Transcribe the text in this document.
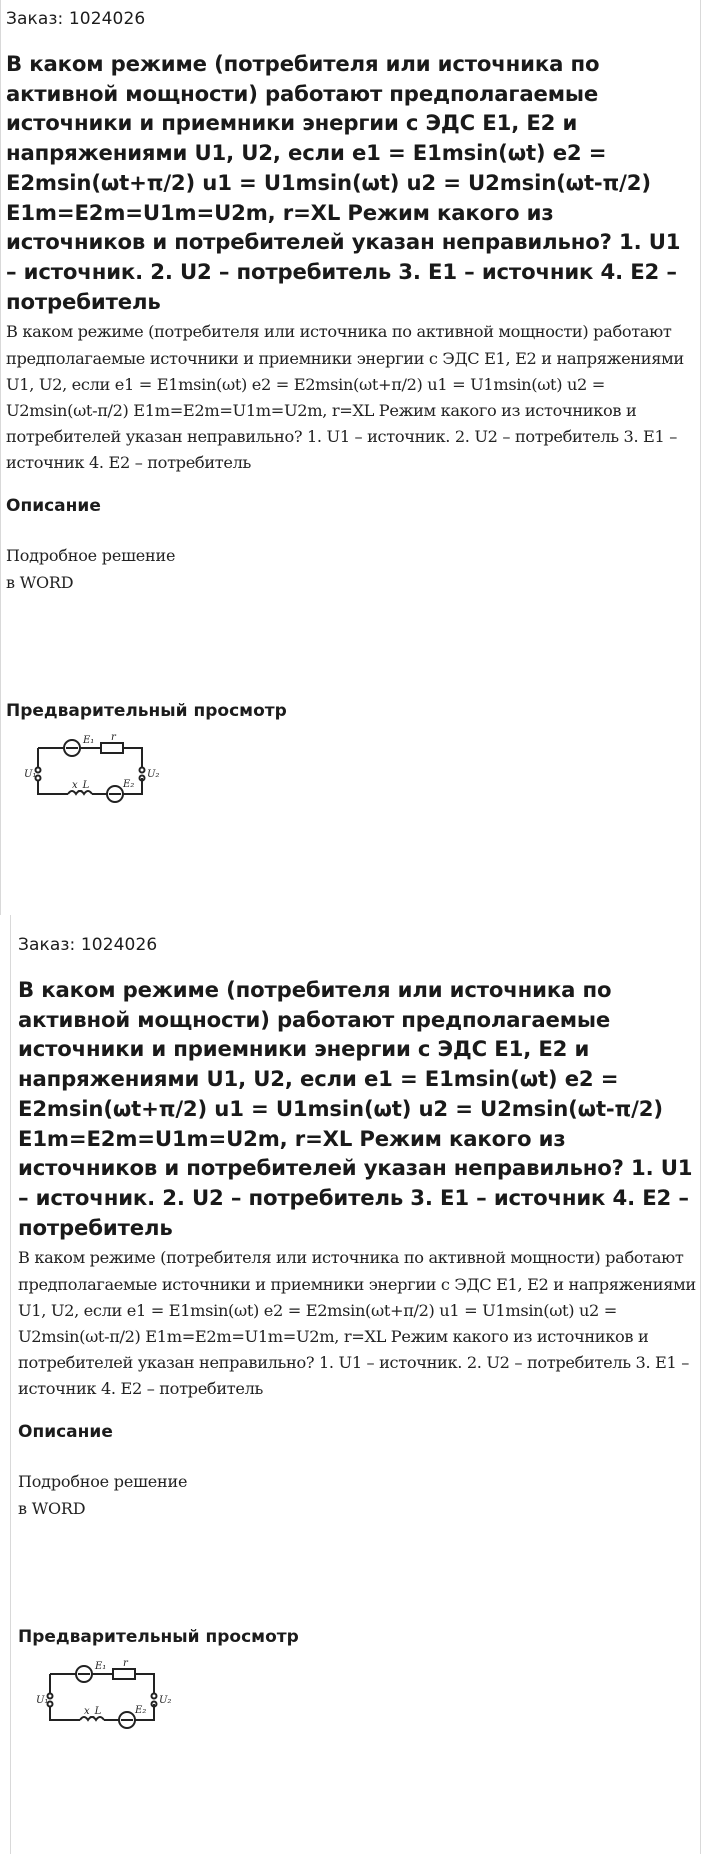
Заказ: 1024026
В каком режиме (потребителя или источника по активной мощности) работают предполагаемые источники и приемники энергии с ЭДС E1, E2 и напряжениями U1, U2, если e1 = E1msin(ωt) e2 = E2msin(ωt+π/2) u1 = U1msin(ωt) u2 = U2msin(ωt-π/2) E1m=E2m=U1m=U2m, r=XL Режим какого из источников и потребителей указан неправильно? 1. U1 – источник. 2. U2 – потребитель 3. E1 – источник 4. E2 – потребитель
В каком режиме (потребителя или источника по активной мощности) работают предполагаемые источники и приемники энергии с ЭДС E1, E2 и напряжениями U1, U2, если e1 = E1msin(ωt) e2 = E2msin(ωt+π/2) u1 = U1msin(ωt) u2 = U2msin(ωt-π/2) E1m=E2m=U1m=U2m, r=XL Режим какого из источников и потребителей указан неправильно? 1. U1 – источник. 2. U2 – потребитель 3. E1 – источник 4. E2 – потребитель
Описание
Подробное решение
в WORD
Предварительный просмотр
E₁ r
U₁	U₂
x_L	E₂
Заказ: 1024026
В каком режиме (потребителя или источника по активной мощности) работают предполагаемые источники и приемники энергии с ЭДС E1, E2 и напряжениями U1, U2, если e1 = E1msin(ωt) e2 = E2msin(ωt+π/2) u1 = U1msin(ωt) u2 = U2msin(ωt-π/2) E1m=E2m=U1m=U2m, r=XL Режим какого из источников и потребителей указан неправильно? 1. U1 – источник. 2. U2 – потребитель 3. E1 – источник 4. E2 – потребитель
В каком режиме (потребителя или источника по активной мощности) работают предполагаемые источники и приемники энергии с ЭДС E1, E2 и напряжениями U1, U2, если e1 = E1msin(ωt) e2 = E2msin(ωt+π/2) u1 = U1msin(ωt) u2 = U2msin(ωt-π/2) E1m=E2m=U1m=U2m, r=XL Режим какого из источников и потребителей указан неправильно? 1. U1 – источник. 2. U2 – потребитель 3. E1 – источник 4. E2 – потребитель
Описание
Подробное решение
в WORD
Предварительный просмотр
E₁ r
U₁	U₂
x_L	E₂
